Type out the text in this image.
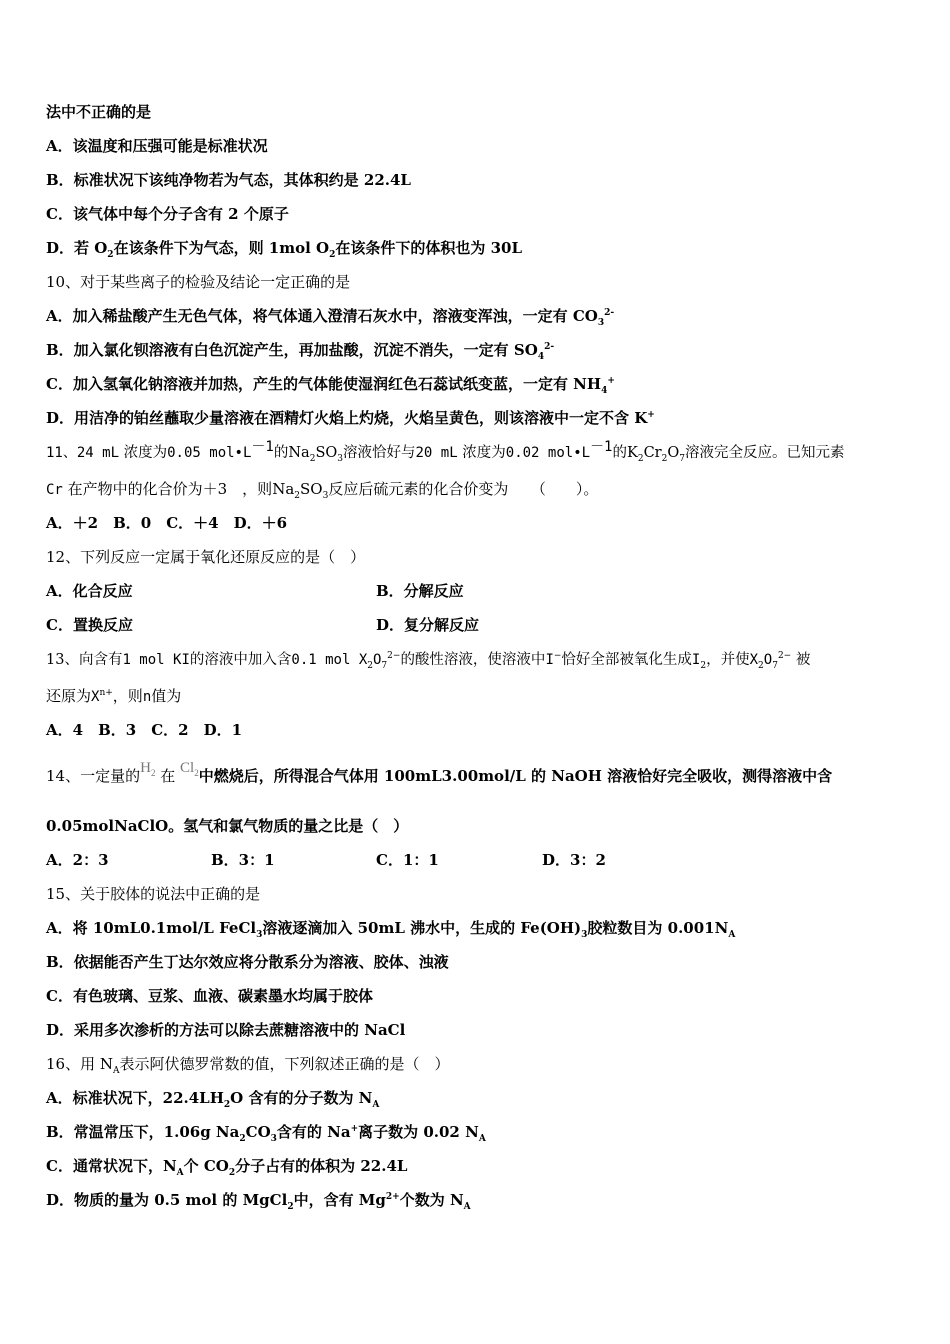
法中不正确的是
A．该温度和压强可能是标准状况
B．标准状况下该纯净物若为气态，其体积约是 22.4L
C．该气体中每个分子含有 2 个原子
D．若 $O_2$在该条件下为气态，则 1mol $O_2$在该条件下的体积也为 30L
10、对于某些离子的检验及结论一定正确的是
A．加入稀盐酸产生无色气体，将气体通入澄清石灰水中，溶液变浑浊，一定有 $CO_3^{2-}$
B．加入氯化钡溶液有白色沉淀产生，再加盐酸，沉淀不消失，一定有 $SO_4^{2-}$
C．加入氢氧化钠溶液并加热，产生的气体能使湿润红色石蕊试纸变蓝，一定有 $NH_4^+$
D．用洁净的铂丝蘸取少量溶液在酒精灯火焰上灼烧，火焰呈黄色，则该溶液中一定不含 K+
11、24 mL 浓度为0.05 $mol•L^{-1}$的$Na_2SO_3$溶液恰好与20 mL 浓度为0.02 $mol•L^{-1}$的$K_2Cr_2O_7$溶液完全反应。已知元素
Cr 在产物中的化合价为＋3　，则$Na_2SO_3$反应后硫元素的化合价变为　　（　　）。
A．＋2　B．0　C．＋4　D．＋6
12、下列反应一定属于氧化还原反应的是（　）
A．化合反应	B．分解反应
C．置换反应	D．复分解反应
13、向含有1 mol KI的溶液中加入含0.1 mol $X_2O_7^{2-}$的酸性溶液，使溶液中I−恰好全部被氧化生成$I_2$，并使$X_2O_7^{2-}$ 被
还原为$X^{n+}$，则n值为
A．4　B．3　C．2　D．1
14、一定量的$H_2$ 在 $Cl_2$中燃烧后，所得混合气体用 100mL3.00mol/L 的 NaOH 溶液恰好完全吸收，测得溶液中含
0.05molNaClO。氢气和氯气物质的量之比是（　）
A．2：3	B．3：1	C．1：1	D．3：2
15、关于胶体的说法中正确的是
A．将 10mL0.1mol/L FeCl$_3$溶液逐滴加入 50mL 沸水中，生成的 $Fe(OH)_3$胶粒数目为 $0.001N_A$
B．依据能否产生丁达尔效应将分散系分为溶液、胶体、浊液
C．有色玻璃、豆浆、血液、碳素墨水均属于胶体
D．采用多次渗析的方法可以除去蔗糖溶液中的 NaCl
16、用 $N_A$表示阿伏德罗常数的值，下列叙述正确的是（　）
A．标准状况下，$22.4LH_2O$ 含有的分子数为 $N_A$
B．常温常压下，1.06g $Na_2CO_3$含有的 Na+离子数为 0.02 $N_A$
C．通常状况下，$N_A$个 $CO_2$分子占有的体积为 22.4L
D．物质的量为 0.5 mol 的 MgCl$_2$中，含有 $Mg^{2+}$个数为 $N_A$
